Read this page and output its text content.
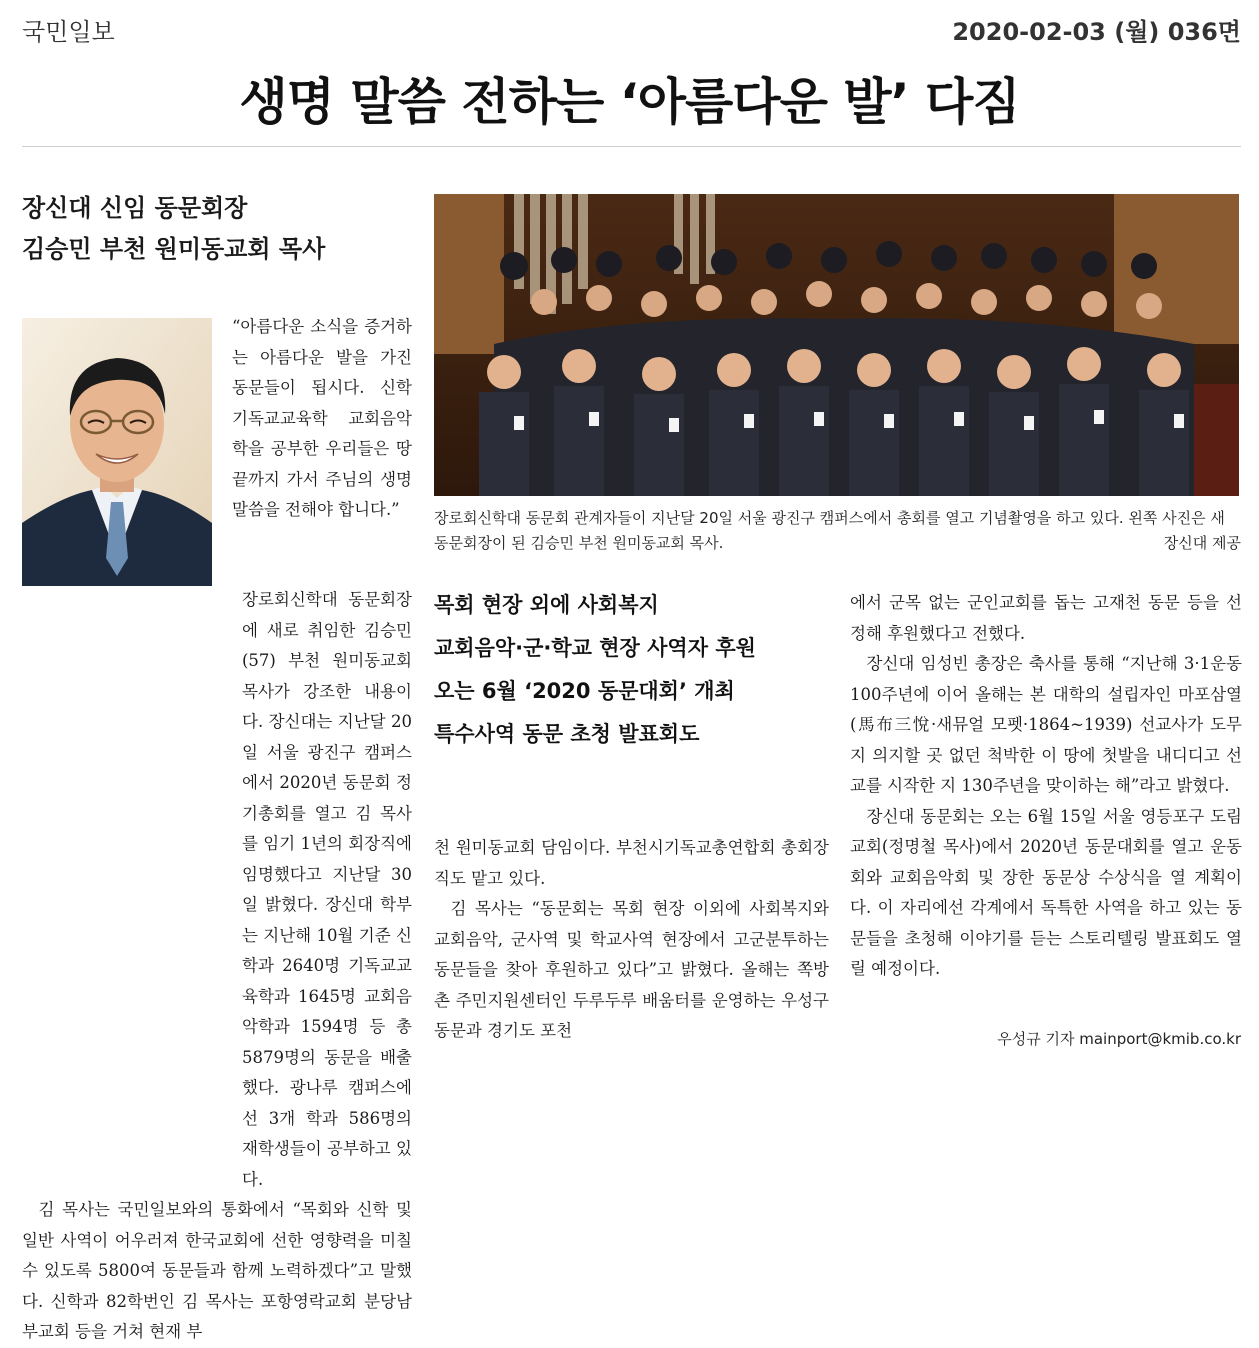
국민일보	2020-02-03 (월) 036면
생명 말씀 전하는 ‘아름다운 발’ 다짐
장신대 신임 동문회장
김승민 부천 원미동교회 목사
장로회신학대 동문회 관계자들이 지난달 20일 서울 광진구 캠퍼스에서 총회를 열고 기념촬영을 하고 있다. 왼쪽 사진은 새 동문회장이 된 김승민 부천 원미동교회 목사.	장신대 제공

“아름다운 소식을 증거하는 아름다운 발을 가진 동문들이 됩시다. 신학 기독교교육학 교회음악학을 공부한 우리들은 땅끝까지 가서 주님의 생명 말씀을 전해야 합니다.”

장로회신학대 동문회장에 새로 취임한 김승민(57) 부천 원미동교회 목사가 강조한 내용이다. 장신대는 지난달 20일 서울 광진구 캠퍼스에서 2020년 동문회 정기총회를 열고 김 목사를 임기 1년의 회장직에 임명했다고 지난달 30일 밝혔다. 장신대 학부는 지난해 10월 기준 신학과 2640명 기독교교육학과 1645명 교회음악학과 1594명 등 총 5879명의 동문을 배출했다. 광나루 캠퍼스에선 3개 학과 586명의 재학생들이 공부하고 있다.

김 목사는 국민일보와의 통화에서 “목회와 신학 및 일반 사역이 어우러져 한국교회에 선한 영향력을 미칠 수 있도록 5800여 동문들과 함께 노력하겠다”고 말했다. 신학과 82학번인 김 목사는 포항영락교회 분당남부교회 등을 거쳐 현재 부

목회 현장 외에 사회복지
교회음악·군·학교 현장 사역자 후원
오는 6월 ‘2020 동문대회’ 개최
특수사역 동문 초청 발표회도

천 원미동교회 담임이다. 부천시기독교총연합회 총회장직도 맡고 있다.

김 목사는 “동문회는 목회 현장 이외에 사회복지와 교회음악, 군사역 및 학교사역 현장에서 고군분투하는 동문들을 찾아 후원하고 있다”고 밝혔다. 올해는 쪽방촌 주민지원센터인 두루두루 배움터를 운영하는 우성구 동문과 경기도 포천

에서 군목 없는 군인교회를 돕는 고재천 동문 등을 선정해 후원했다고 전했다.

장신대 임성빈 총장은 축사를 통해 “지난해 3·1운동 100주년에 이어 올해는 본 대학의 설립자인 마포삼열(馬布三悅·새뮤얼 모펫·1864~1939) 선교사가 도무지 의지할 곳 없던 척박한 이 땅에 첫발을 내디디고 선교를 시작한 지 130주년을 맞이하는 해”라고 밝혔다.

장신대 동문회는 오는 6월 15일 서울 영등포구 도림교회(정명철 목사)에서 2020년 동문대회를 열고 운동회와 교회음악회 및 장한 동문상 수상식을 열 계획이다. 이 자리에선 각계에서 독특한 사역을 하고 있는 동문들을 초청해 이야기를 듣는 스토리텔링 발표회도 열릴 예정이다.

우성규 기자 mainport@kmib.co.kr
